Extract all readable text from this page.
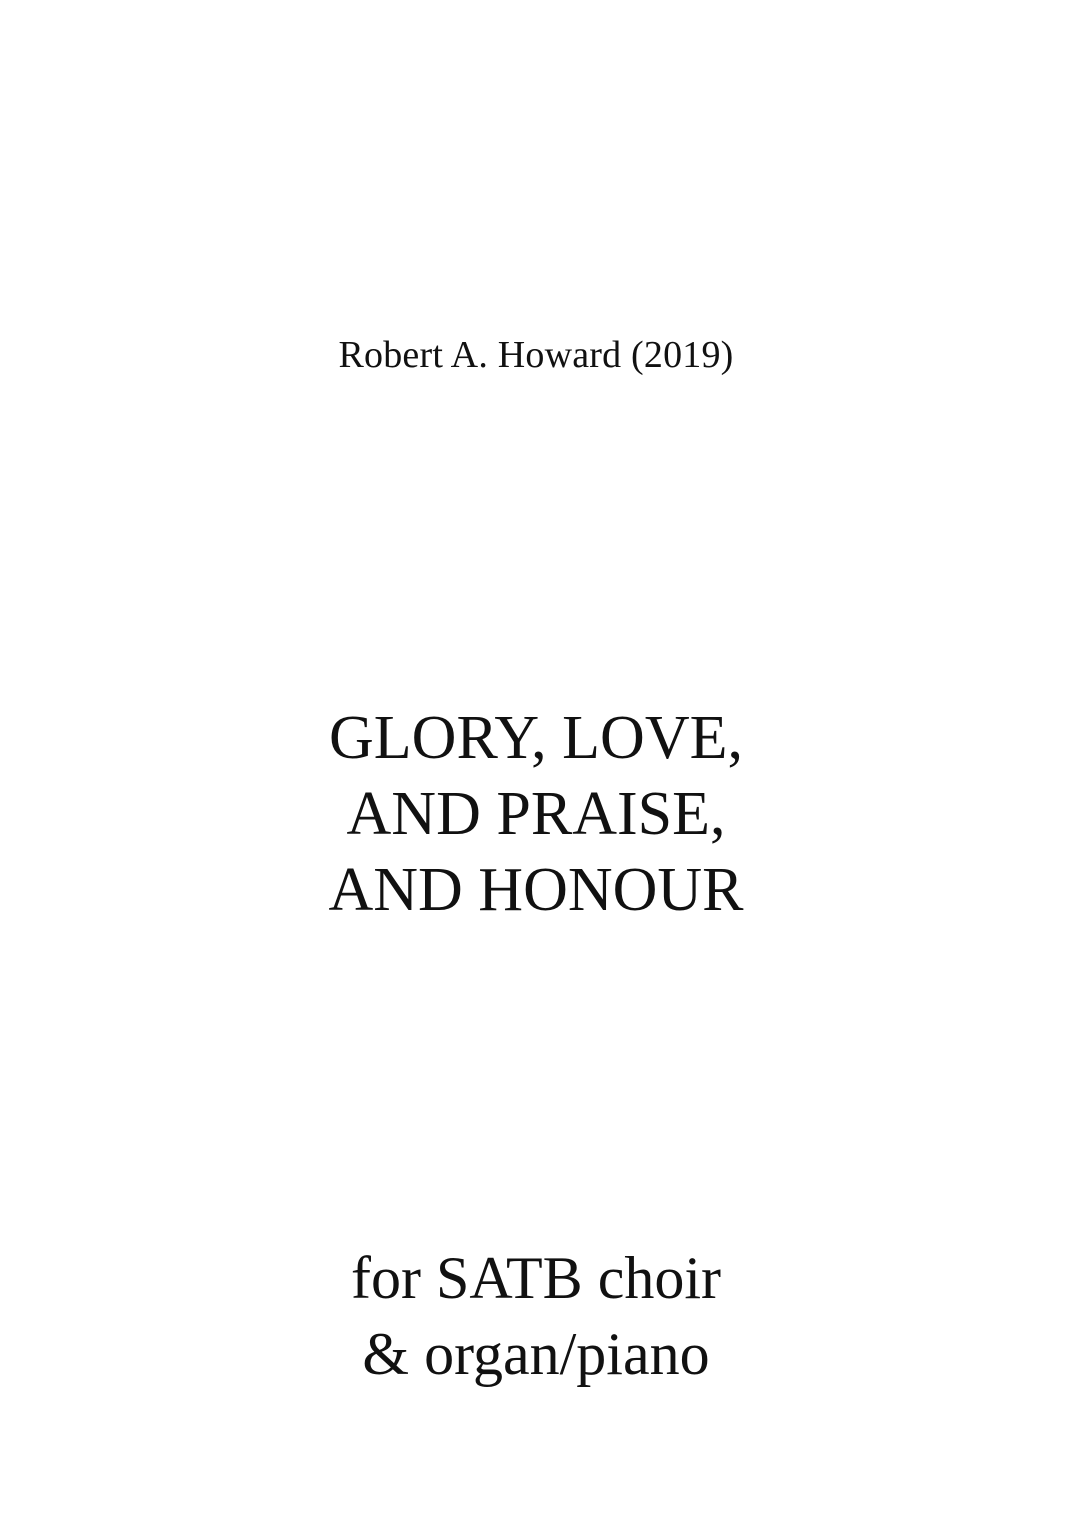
Robert A. Howard (2019)
GLORY, LOVE,
AND PRAISE,
AND HONOUR
for SATB choir
& organ/piano
